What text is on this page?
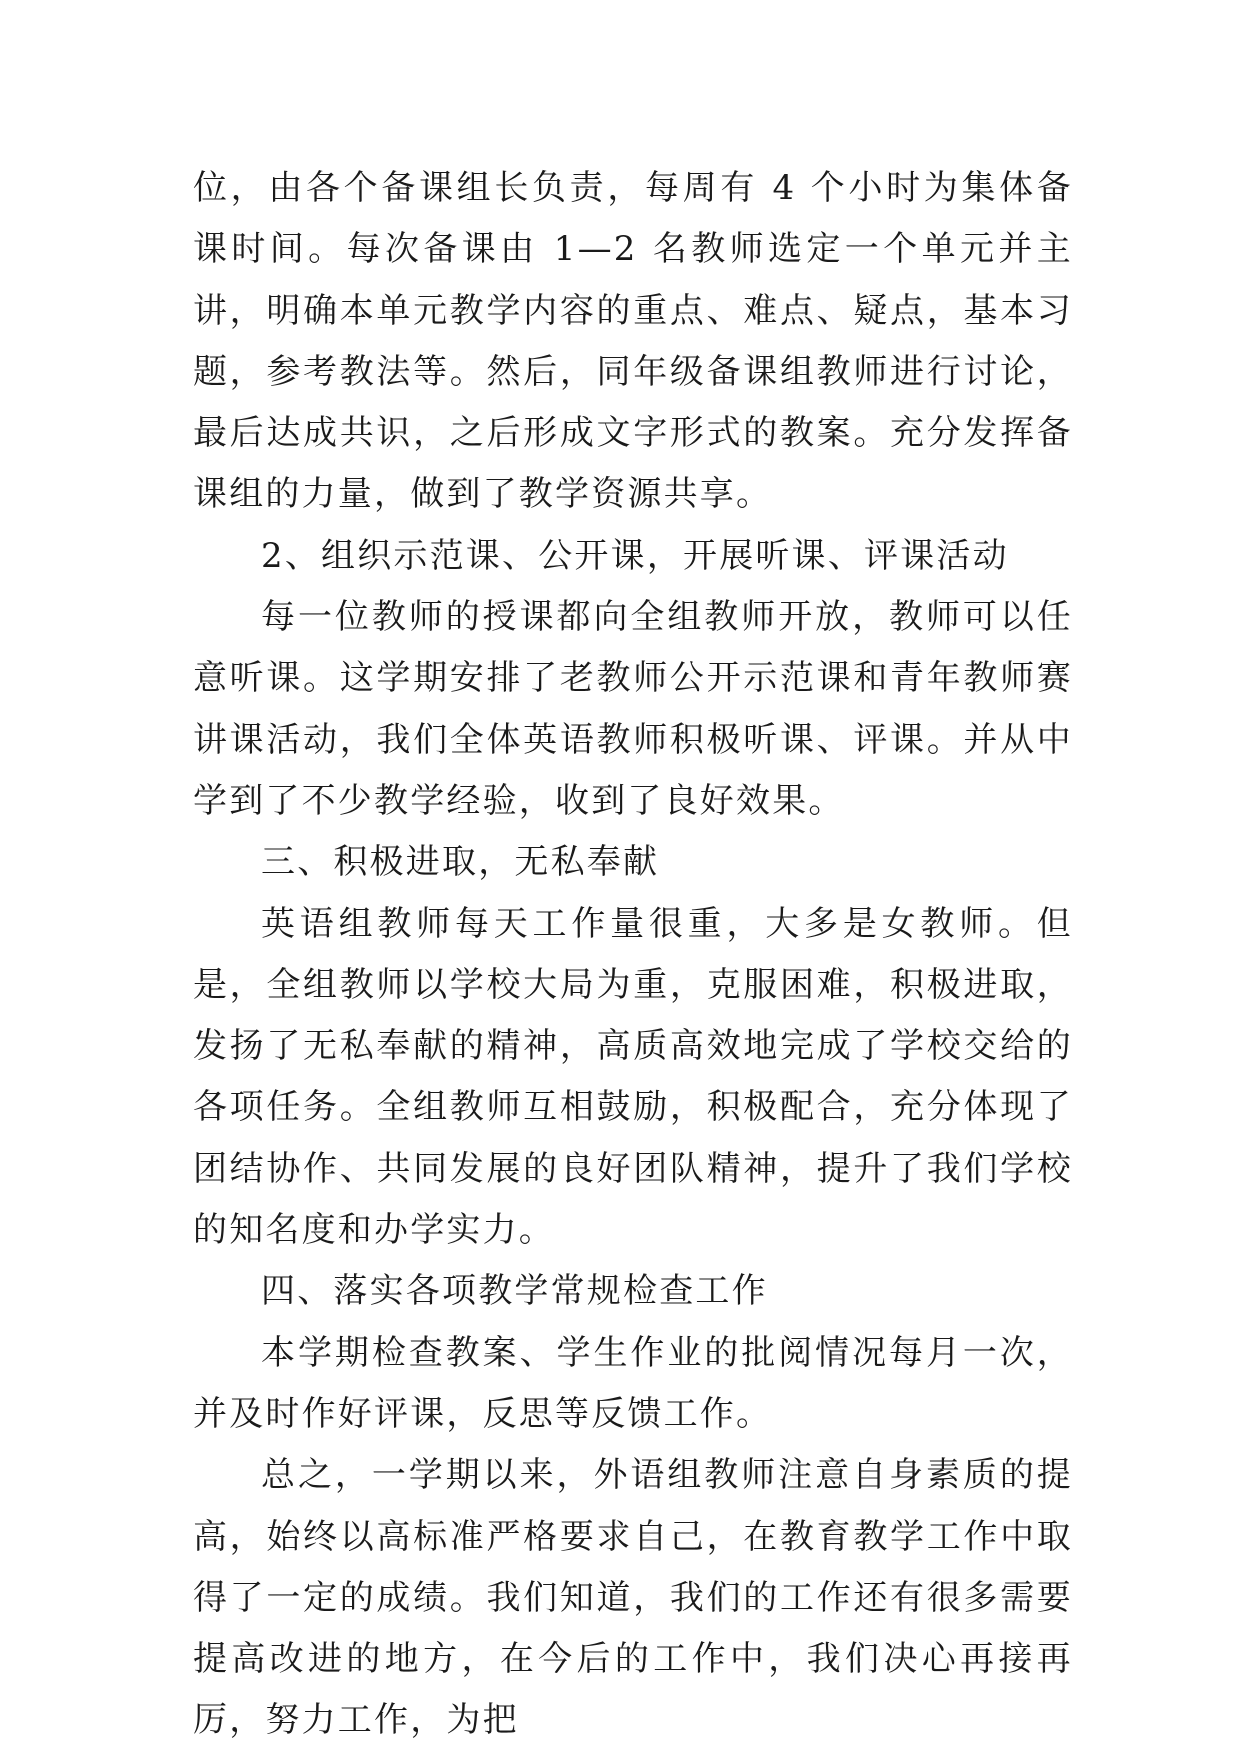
位，由各个备课组长负责，每周有 4 个小时为集体备课时间。每次备课由 1—2 名教师选定一个单元并主讲，明确本单元教学内容的重点、难点、疑点，基本习题，参考教法等。然后，同年级备课组教师进行讨论，最后达成共识，之后形成文字形式的教案。充分发挥备课组的力量，做到了教学资源共享。

2、组织示范课、公开课，开展听课、评课活动

每一位教师的授课都向全组教师开放，教师可以任意听课。这学期安排了老教师公开示范课和青年教师赛讲课活动，我们全体英语教师积极听课、评课。并从中学到了不少教学经验，收到了良好效果。

三、积极进取，无私奉献

英语组教师每天工作量很重，大多是女教师。但是，全组教师以学校大局为重，克服困难，积极进取，发扬了无私奉献的精神，高质高效地完成了学校交给的各项任务。全组教师互相鼓励，积极配合，充分体现了团结协作、共同发展的良好团队精神，提升了我们学校的知名度和办学实力。

四、落实各项教学常规检查工作

本学期检查教案、学生作业的批阅情况每月一次，并及时作好评课，反思等反馈工作。

总之，一学期以来，外语组教师注意自身素质的提高，始终以高标准严格要求自己，在教育教学工作中取得了一定的成绩。我们知道，我们的工作还有很多需要提高改进的地方，在今后的工作中，我们决心再接再厉，努力工作，为把
